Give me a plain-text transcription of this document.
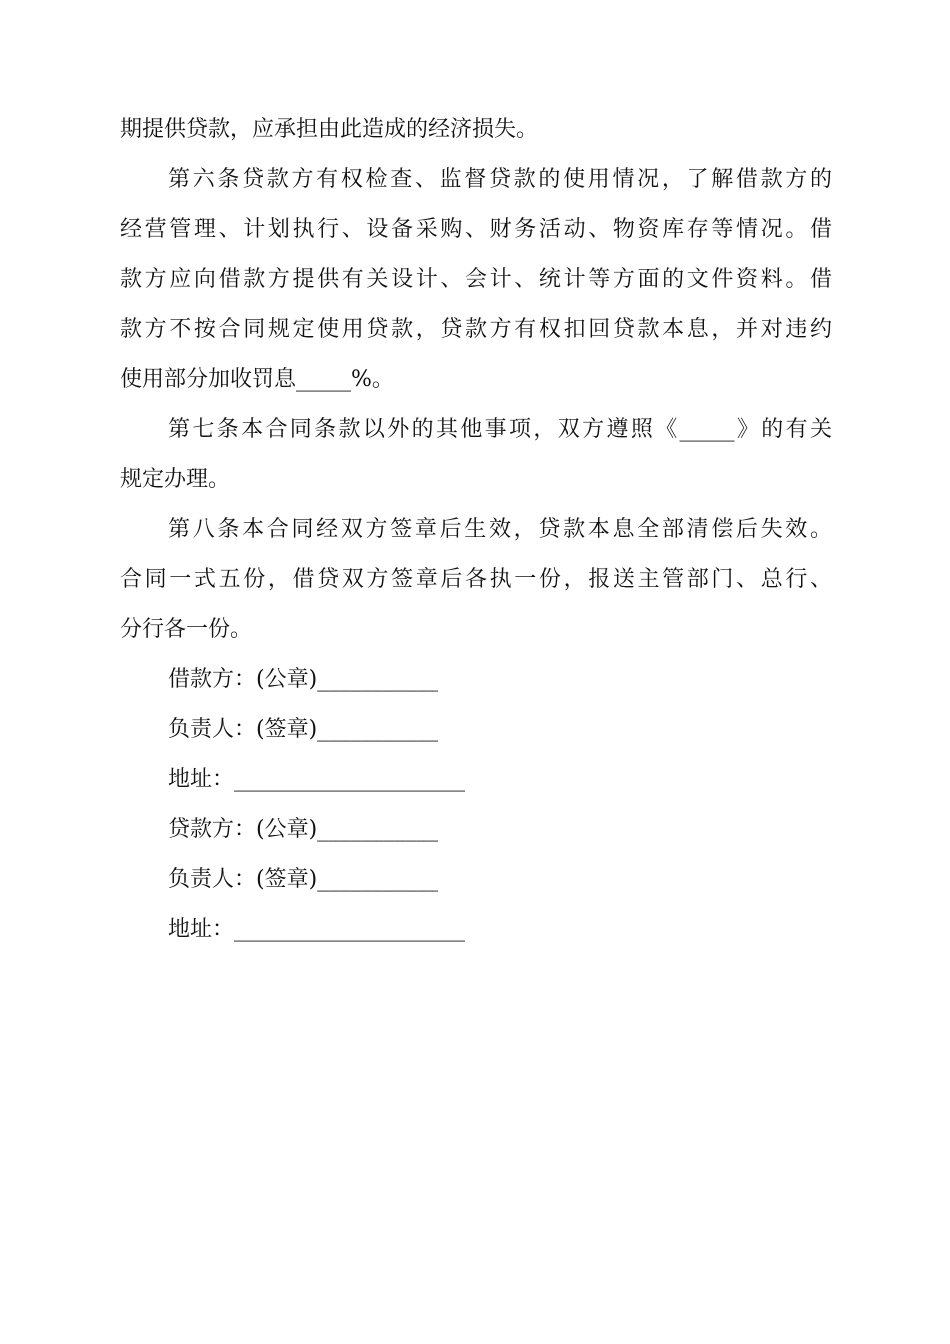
期提供贷款，应承担由此造成的经济损失。
第六条贷款方有权检查、监督贷款的使用情况，了解借款方的
经营管理、计划执行、设备采购、财务活动、物资库存等情况。借
款方应向借款方提供有关设计、会计、统计等方面的文件资料。借
款方不按合同规定使用贷款，贷款方有权扣回贷款本息，并对违约
使用部分加收罚息_____%。
第七条本合同条款以外的其他事项，双方遵照《_____》的有关
规定办理。
第八条本合同经双方签章后生效，贷款本息全部清偿后失效。
合同一式五份，借贷双方签章后各执一份，报送主管部门、总行、
分行各一份。
借款方：(公章)___________
负责人：(签章)___________
地址：_____________________
贷款方：(公章)___________
负责人：(签章)___________
地址：_____________________
